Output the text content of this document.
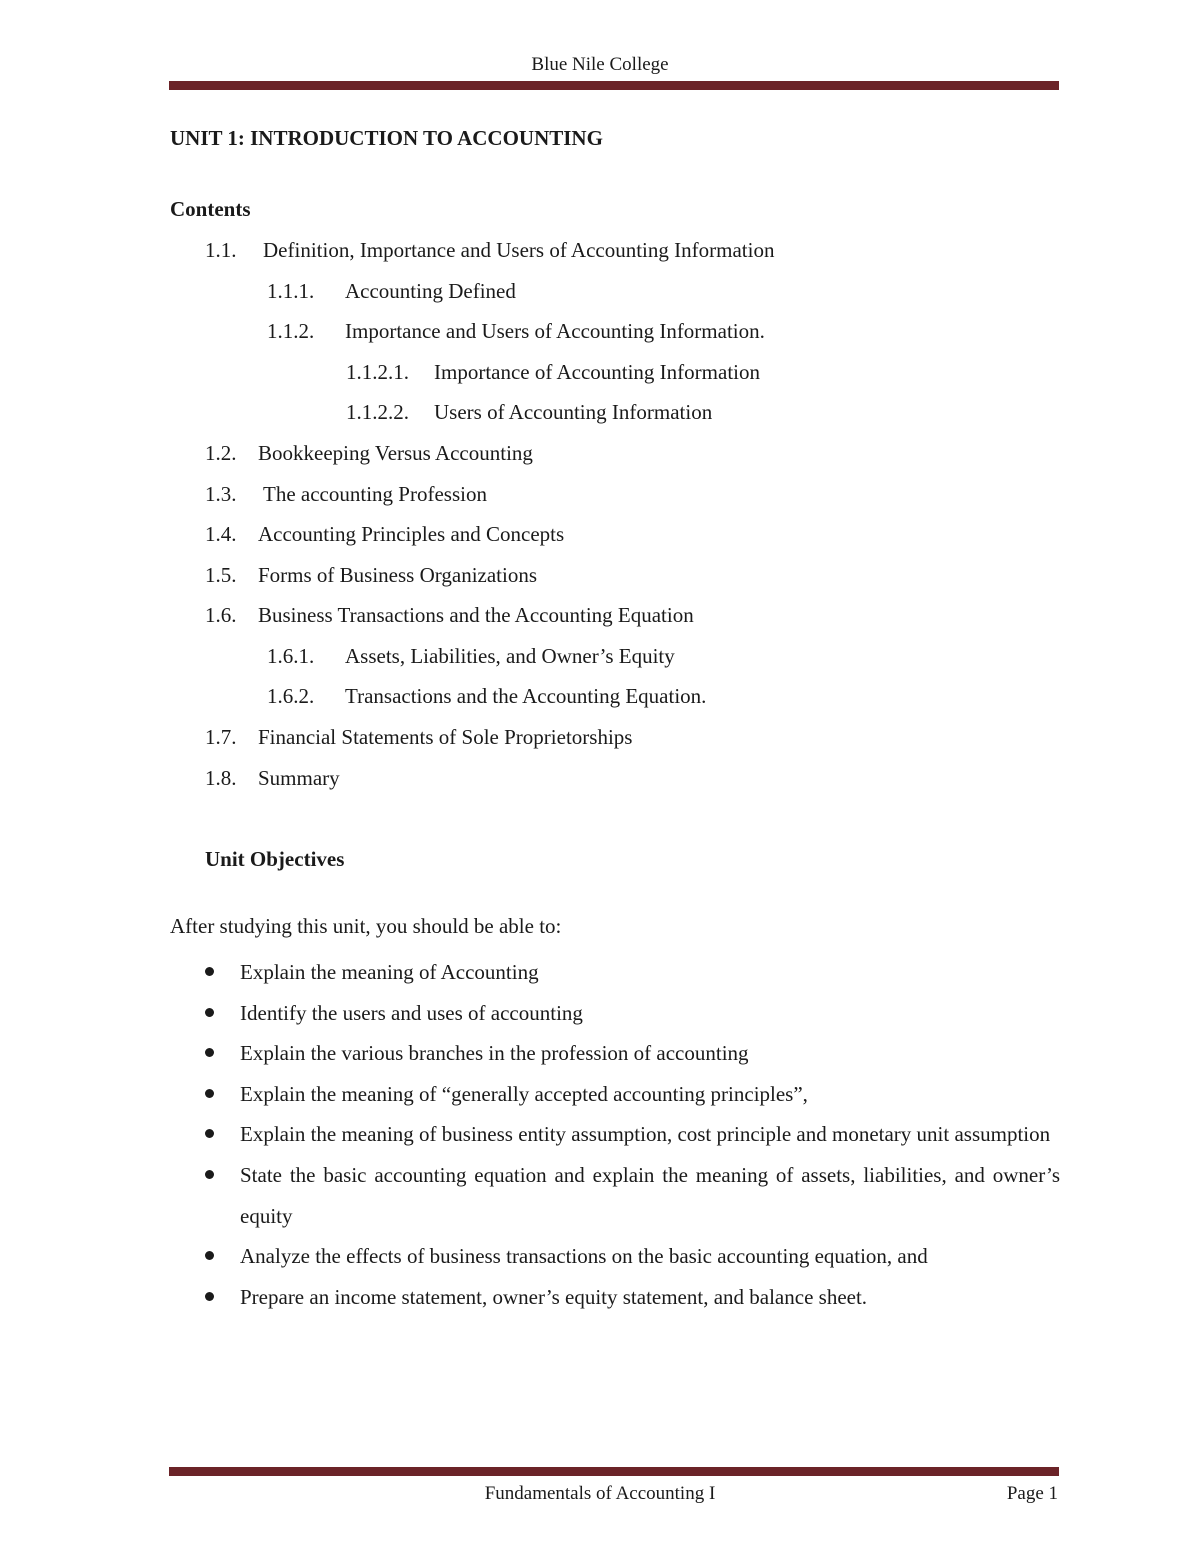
Blue Nile College
UNIT 1: INTRODUCTION TO ACCOUNTING
Contents
1.1. Definition, Importance and Users of Accounting Information
1.1.1. Accounting Defined
1.1.2. Importance and Users of Accounting Information.
1.1.2.1. Importance of Accounting Information
1.1.2.2. Users of Accounting Information
1.2. Bookkeeping Versus Accounting
1.3. The accounting Profession
1.4. Accounting Principles and Concepts
1.5. Forms of Business Organizations
1.6. Business Transactions and the Accounting Equation
1.6.1. Assets, Liabilities, and Owner’s Equity
1.6.2. Transactions and the Accounting Equation.
1.7. Financial Statements of Sole Proprietorships
1.8. Summary
Unit Objectives
After studying this unit, you should be able to:
Explain the meaning of Accounting
Identify the users and uses of accounting
Explain the various branches in the profession of accounting
Explain the meaning of “generally accepted accounting principles”,
Explain the meaning of business entity assumption, cost principle and monetary unit assumption
State the basic accounting equation and explain the meaning of assets, liabilities, and owner’s equity
Analyze the effects of business transactions on the basic accounting equation, and
Prepare an income statement, owner’s equity statement, and balance sheet.
Fundamentals of Accounting I	Page 1
